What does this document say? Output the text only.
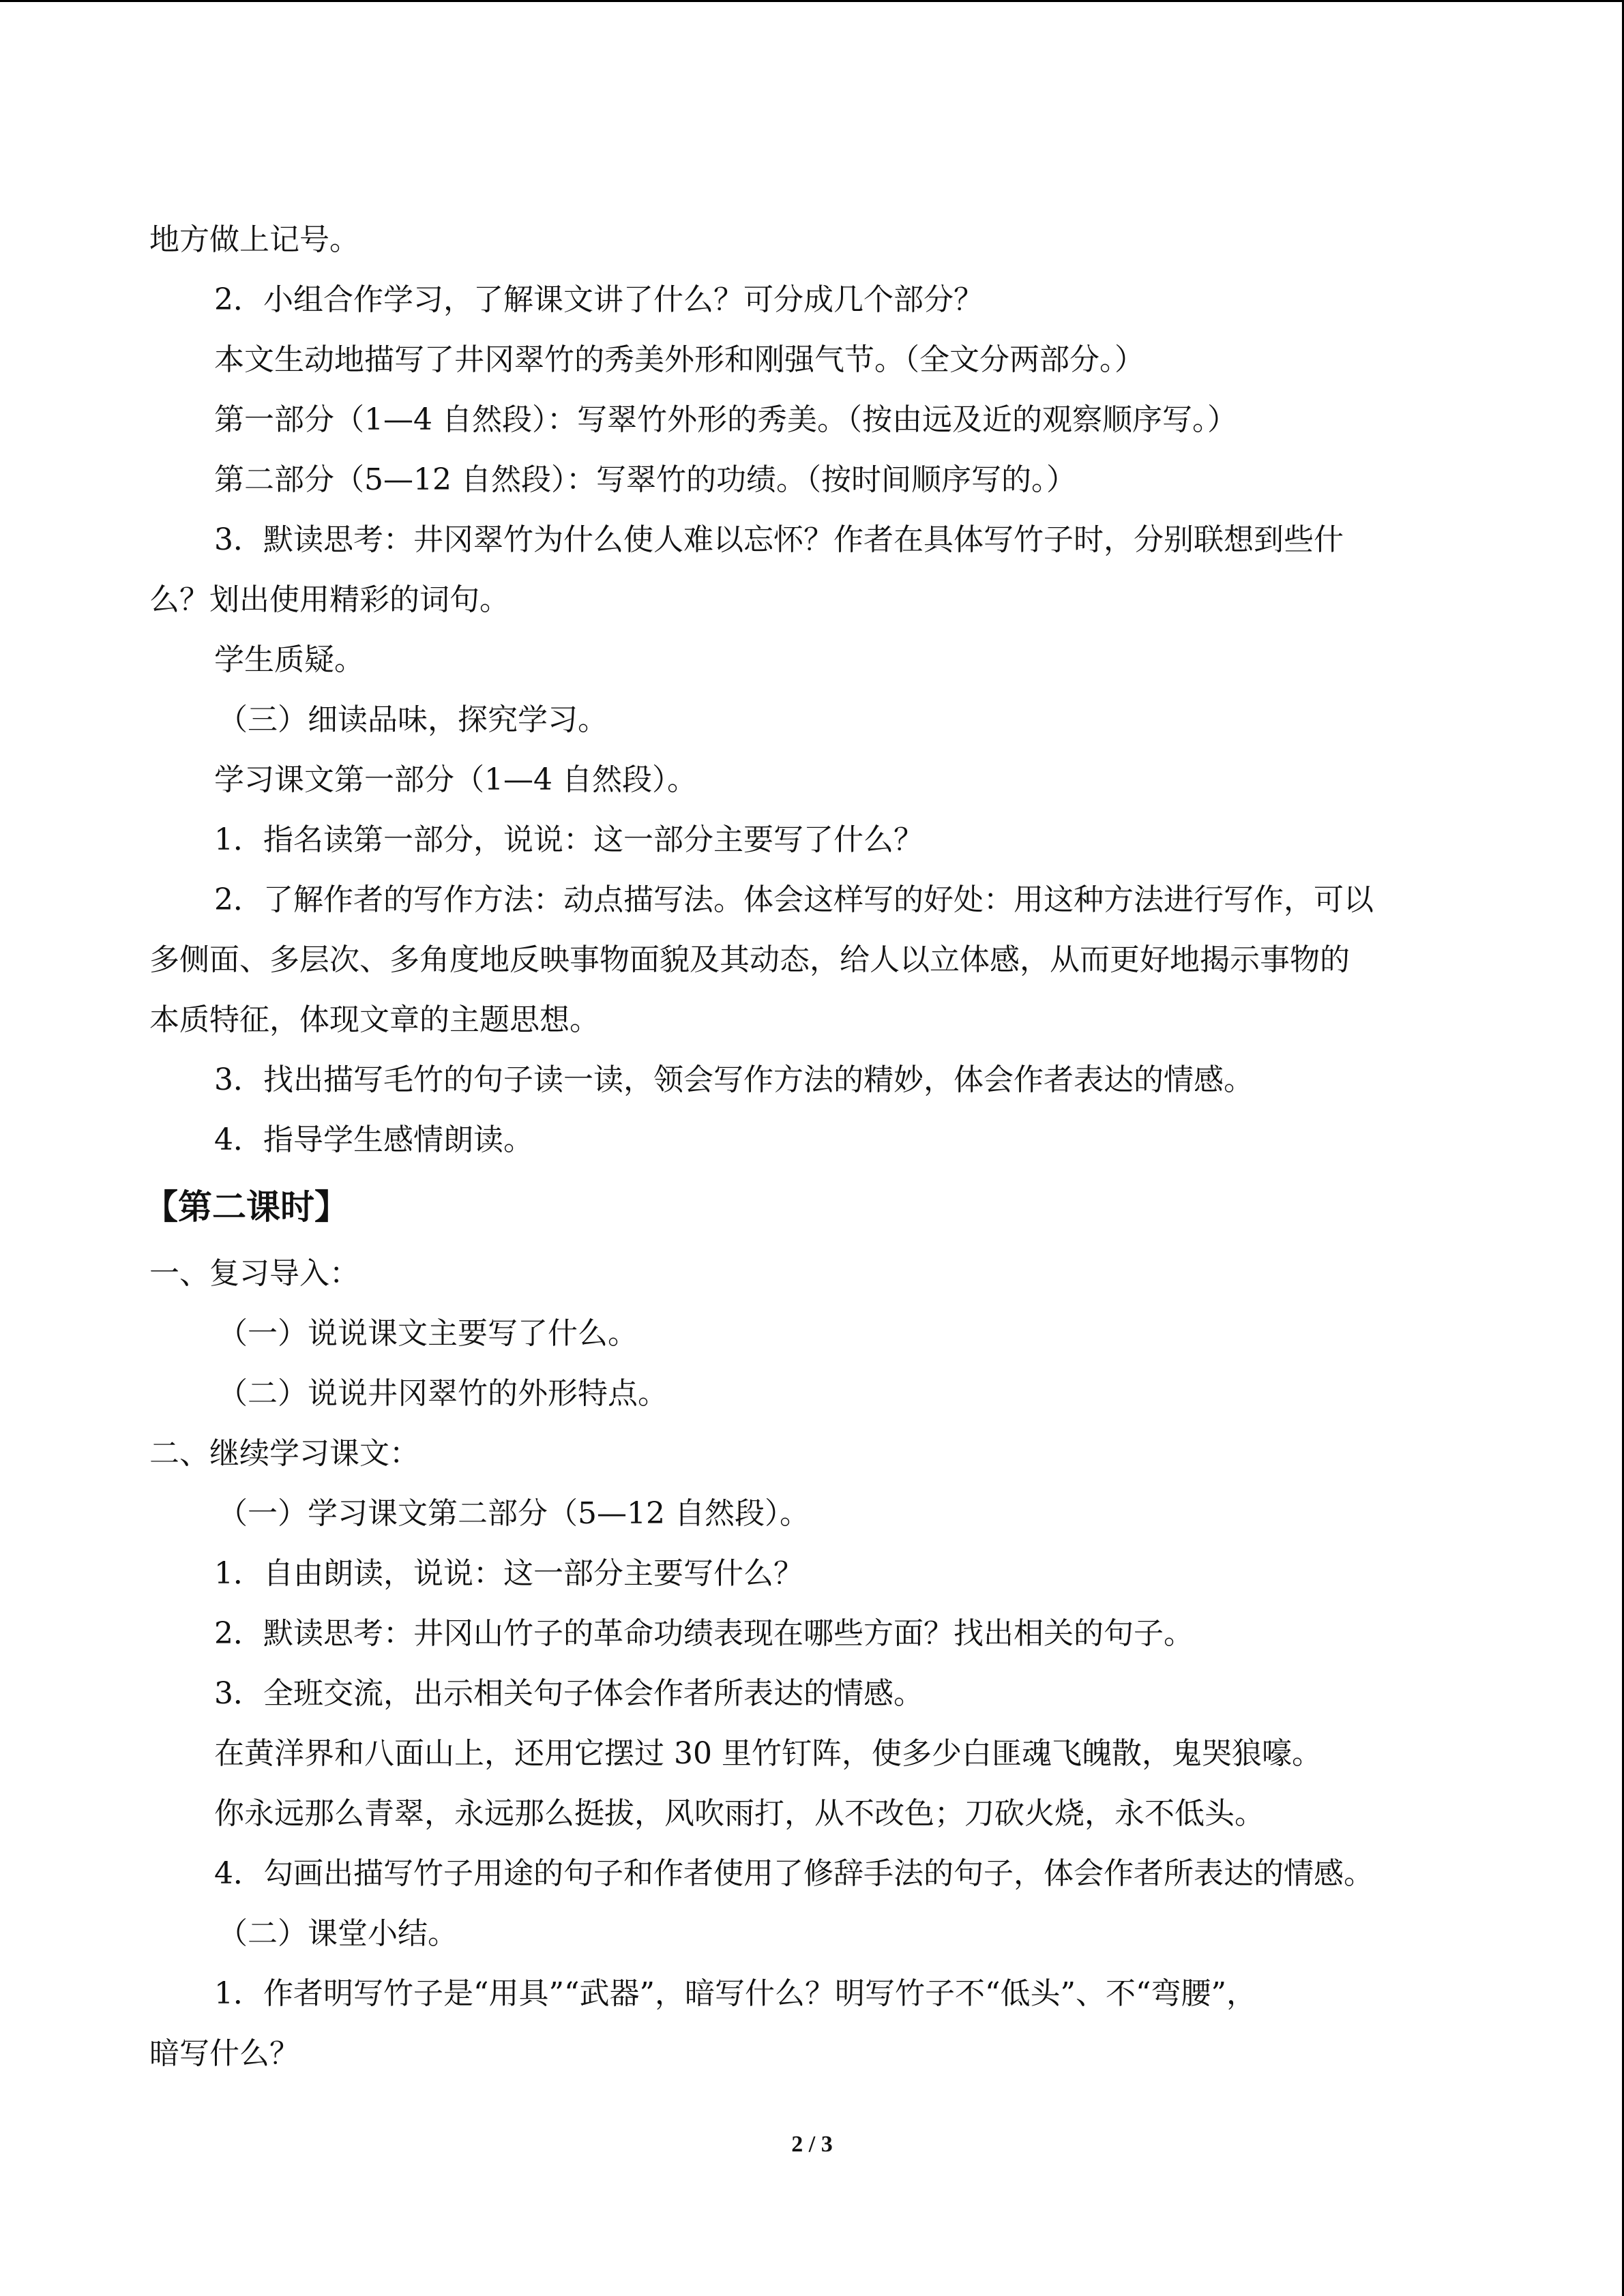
地方做上记号。
2．小组合作学习，了解课文讲了什么？可分成几个部分？
本文生动地描写了井冈翠竹的秀美外形和刚强气节。（全文分两部分。）
第一部分（1—4 自然段）：写翠竹外形的秀美。（按由远及近的观察顺序写。）
第二部分（5—12 自然段）：写翠竹的功绩。（按时间顺序写的。）
3．默读思考：井冈翠竹为什么使人难以忘怀？作者在具体写竹子时，分别联想到些什
么？划出使用精彩的词句。
学生质疑。
（三）细读品味，探究学习。
学习课文第一部分（1—4 自然段）。
1．指名读第一部分，说说：这一部分主要写了什么？
2．了解作者的写作方法：动点描写法。体会这样写的好处：用这种方法进行写作，可以
多侧面、多层次、多角度地反映事物面貌及其动态，给人以立体感，从而更好地揭示事物的
本质特征，体现文章的主题思想。
3．找出描写毛竹的句子读一读，领会写作方法的精妙，体会作者表达的情感。
4．指导学生感情朗读。
【第二课时】
一、复习导入：
（一）说说课文主要写了什么。
（二）说说井冈翠竹的外形特点。
二、继续学习课文：
（一）学习课文第二部分（5—12 自然段）。
1．自由朗读，说说：这一部分主要写什么？
2．默读思考：井冈山竹子的革命功绩表现在哪些方面？找出相关的句子。
3．全班交流，出示相关句子体会作者所表达的情感。
在黄洋界和八面山上，还用它摆过 30 里竹钉阵，使多少白匪魂飞魄散，鬼哭狼嚎。
你永远那么青翠，永远那么挺拔，风吹雨打，从不改色；刀砍火烧，永不低头。
4．勾画出描写竹子用途的句子和作者使用了修辞手法的句子，体会作者所表达的情感。
（二）课堂小结。
1．作者明写竹子是“用具”“武器”，暗写什么？明写竹子不“低头”、不“弯腰”，
暗写什么？
2 / 3
